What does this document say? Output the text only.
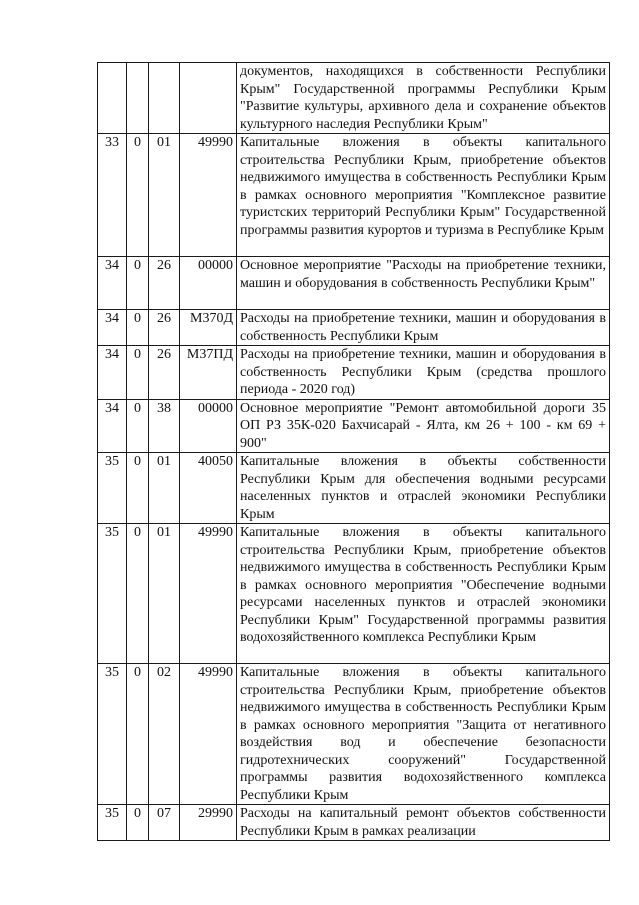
				документов, находящихся в собственности Республики Крым" Государственной программы Республики Крым "Развитие культуры, архивного дела и сохранение объектов культурного наследия Республики Крым"
33	0	01	49990	Капитальные вложения в объекты капитального строительства Республики Крым, приобретение объектов недвижимого имущества в собственность Республики Крым в рамках основного мероприятия "Комплексное развитие туристских территорий Республики Крым" Государственной программы развития курортов и туризма в Республике Крым
34	0	26	00000	Основное мероприятие "Расходы на приобретение техники, машин и оборудования в собственность Республики Крым"
34	0	26	М370Д	Расходы на приобретение техники, машин и оборудования в собственность Республики Крым
34	0	26	М37ПД	Расходы на приобретение техники, машин и оборудования в собственность Республики Крым (средства прошлого периода - 2020 год)
34	0	38	00000	Основное мероприятие "Ремонт автомобильной дороги 35 ОП РЗ 35К-020 Бахчисарай - Ялта, км 26 + 100 - км 69 + 900"
35	0	01	40050	Капитальные вложения в объекты собственности Республики Крым для обеспечения водными ресурсами населенных пунктов и отраслей экономики Республики Крым
35	0	01	49990	Капитальные вложения в объекты капитального строительства Республики Крым, приобретение объектов недвижимого имущества в собственность Республики Крым в рамках основного мероприятия "Обеспечение водными ресурсами населенных пунктов и отраслей экономики Республики Крым" Государственной программы развития водохозяйственного комплекса Республики Крым
35	0	02	49990	Капитальные вложения в объекты капитального строительства Республики Крым, приобретение объектов недвижимого имущества в собственность Республики Крым в рамках основного мероприятия "Защита от негативного воздействия вод и обеспечение безопасности гидротехнических сооружений" Государственной программы развития водохозяйственного комплекса Республики Крым
35	0	07	29990	Расходы на капитальный ремонт объектов собственности Республики Крым в рамках реализации
